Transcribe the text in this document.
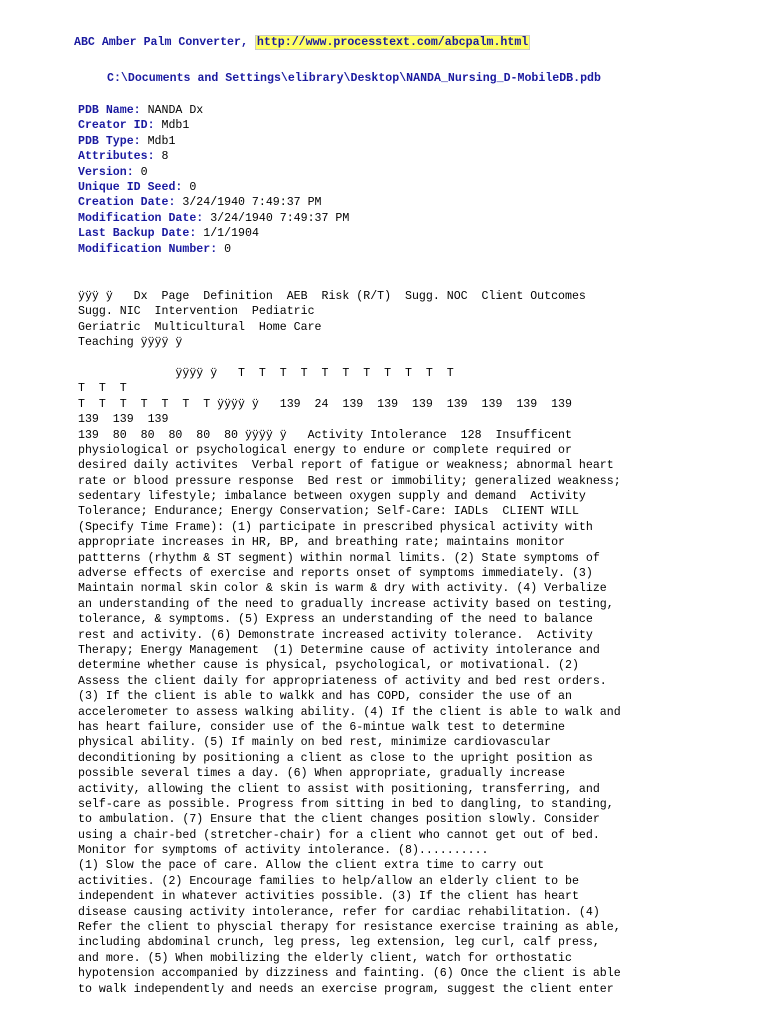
ABC Amber Palm Converter, http://www.processtext.com/abcpalm.html
C:\Documents and Settings\elibrary\Desktop\NANDA_Nursing_D-MobileDB.pdb
PDB Name: NANDA Dx
Creator ID: Mdb1
PDB Type: Mdb1
Attributes: 8
Version: 0
Unique ID Seed: 0
Creation Date: 3/24/1940 7:49:37 PM
Modification Date: 3/24/1940 7:49:37 PM
Last Backup Date: 1/1/1904
Modification Number: 0
ÿÿÿ ÿ   Dx  Page  Definition  AEB  Risk (R/T)  Sugg. NOC  Client Outcomes
Sugg. NIC  Intervention  Pediatric
Geriatric  Multicultural  Home Care
Teaching ÿÿÿÿ ÿ
ÿÿÿÿ ÿ   T  T  T  T  T  T  T  T  T  T  T
T  T  T
T  T  T  T  T  T  T ÿÿÿÿ ÿ   139  24  139  139  139  139  139  139  139
139  139  139
139  80  80  80  80  80 ÿÿÿÿ ÿ   Activity Intolerance  128  Insufficent
physiological or psychological energy to endure or complete required or
desired daily activites  Verbal report of fatigue or weakness; abnormal heart
rate or blood pressure response  Bed rest or immobility; generalized weakness;
sedentary lifestyle; imbalance between oxygen supply and demand  Activity
Tolerance; Endurance; Energy Conservation; Self-Care: IADLs  CLIENT WILL
(Specify Time Frame): (1) participate in prescribed physical activity with
appropriate increases in HR, BP, and breathing rate; maintains monitor
pattterns (rhythm & ST segment) within normal limits. (2) State symptoms of
adverse effects of exercise and reports onset of symptoms immediately. (3)
Maintain normal skin color & skin is warm & dry with activity. (4) Verbalize
an understanding of the need to gradually increase activity based on testing,
tolerance, & symptoms. (5) Express an understanding of the need to balance
rest and activity. (6) Demonstrate increased activity tolerance.  Activity
Therapy; Energy Management  (1) Determine cause of activity intolerance and
determine whether cause is physical, psychological, or motivational. (2)
Assess the client daily for appropriateness of activity and bed rest orders.
(3) If the client is able to walkk and has COPD, consider the use of an
accelerometer to assess walking ability. (4) If the client is able to walk and
has heart failure, consider use of the 6-mintue walk test to determine
physical ability. (5) If mainly on bed rest, minimize cardiovascular
deconditioning by positioning a client as close to the upright position as
possible several times a day. (6) When appropriate, gradually increase
activity, allowing the client to assist with positioning, transferring, and
self-care as possible. Progress from sitting in bed to dangling, to standing,
to ambulation. (7) Ensure that the client changes position slowly. Consider
using a chair-bed (stretcher-chair) for a client who cannot get out of bed.
Monitor for symptoms of activity intolerance. (8)..........
(1) Slow the pace of care. Allow the client extra time to carry out
activities. (2) Encourage families to help/allow an elderly client to be
independent in whatever activities possible. (3) If the client has heart
disease causing activity intolerance, refer for cardiac rehabilitation. (4)
Refer the client to physcial therapy for resistance exercise training as able,
including abdominal crunch, leg press, leg extension, leg curl, calf press,
and more. (5) When mobilizing the elderly client, watch for orthostatic
hypotension accompanied by dizziness and fainting. (6) Once the client is able
to walk independently and needs an exercise program, suggest the client enter
